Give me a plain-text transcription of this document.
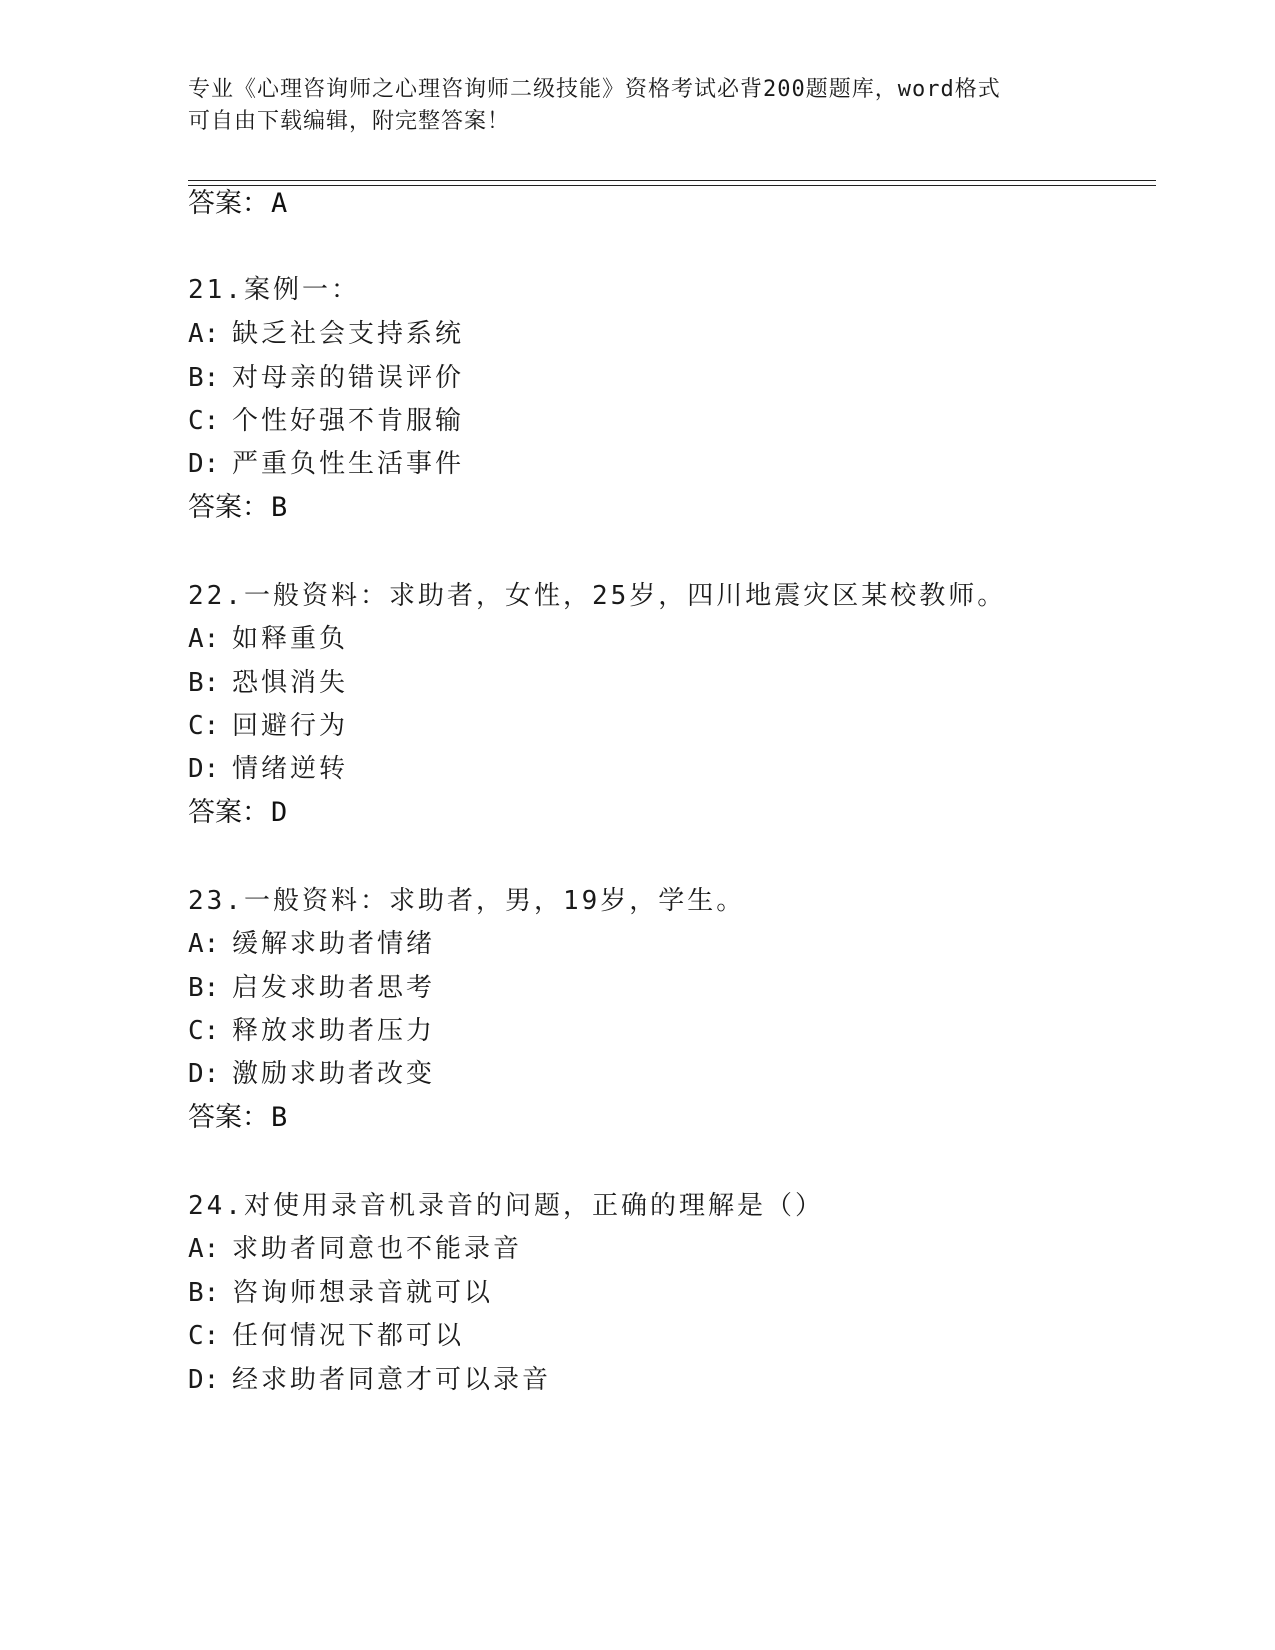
专业《心理咨询师之心理咨询师二级技能》资格考试必背200题题库，word格式
可自由下载编辑，附完整答案！
答案：A
21.案例一：
A: 缺乏社会支持系统
B: 对母亲的错误评价
C: 个性好强不肯服输
D: 严重负性生活事件
答案：B
22.一般资料：求助者，女性，25岁，四川地震灾区某校教师。
A: 如释重负
B: 恐惧消失
C: 回避行为
D: 情绪逆转
答案：D
23.一般资料：求助者，男，19岁，学生。
A: 缓解求助者情绪
B: 启发求助者思考
C: 释放求助者压力
D: 激励求助者改变
答案：B
24.对使用录音机录音的问题，正确的理解是（）
A: 求助者同意也不能录音
B: 咨询师想录音就可以
C: 任何情况下都可以
D: 经求助者同意才可以录音
